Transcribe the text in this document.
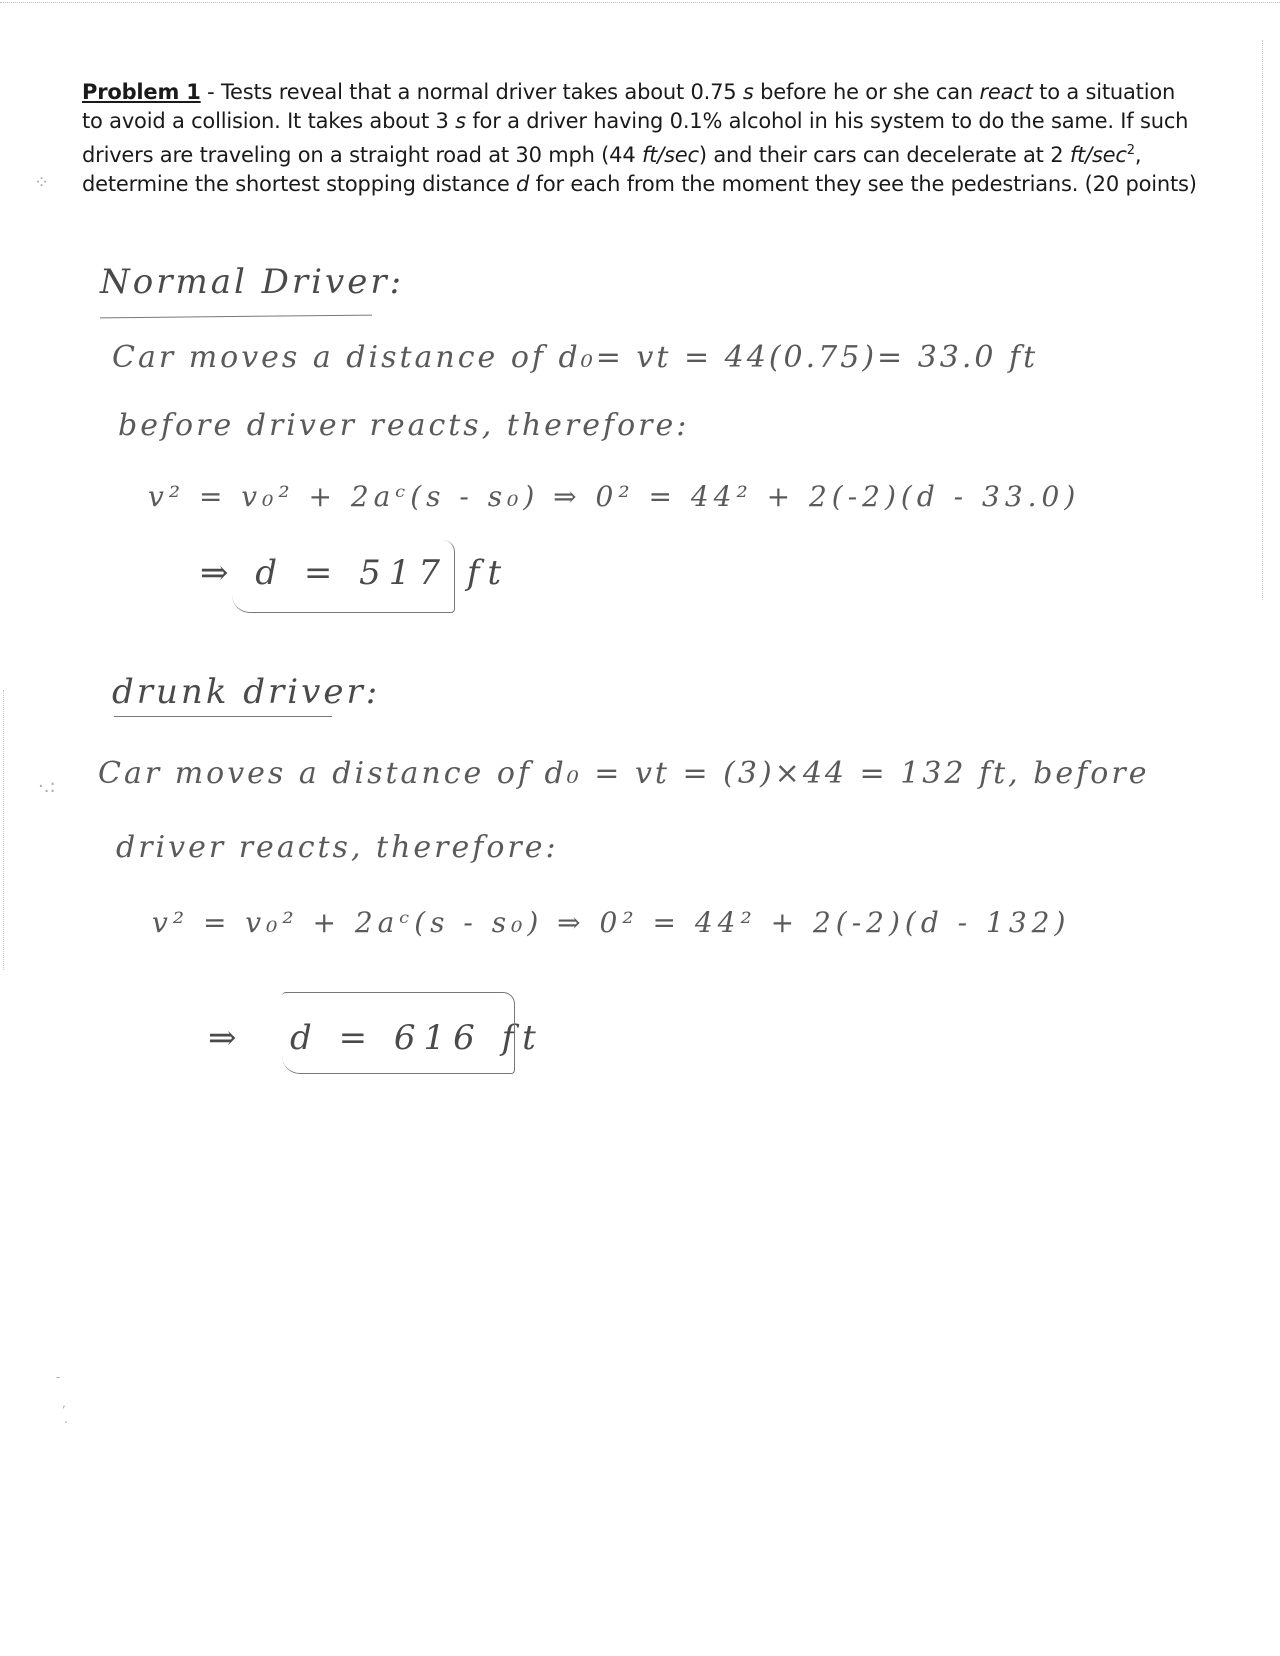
Problem 1 - Tests reveal that a normal driver takes about 0.75 s before he or she can react to a situation to avoid a collision. It takes about 3 s for a driver having 0.1% alcohol in his system to do the same. If such drivers are traveling on a straight road at 30 mph (44 ft/sec) and their cars can decelerate at 2 $ft/\sec^2$, determine the shortest stopping distance d for each from the moment they see the pedestrians. (20 points)
⁘
Normal Driver:
Car moves a distance of d₀= vt = 44(0.75)= 33.0 ft
before driver reacts, therefore:
v² = v₀² + 2aᶜ(s - s₀) ⇒ 0² = 44² + 2(-2)(d - 33.0)
⇒ d = 517 ft
drunk driver:
·.: Car moves a distance of d₀ = vt = (3)×44 = 132 ft, before
driver reacts, therefore:
v² = v₀² + 2aᶜ(s - s₀) ⇒ 0² = 44² + 2(-2)(d - 132)
⇒ d = 616 ft
-
,
.
